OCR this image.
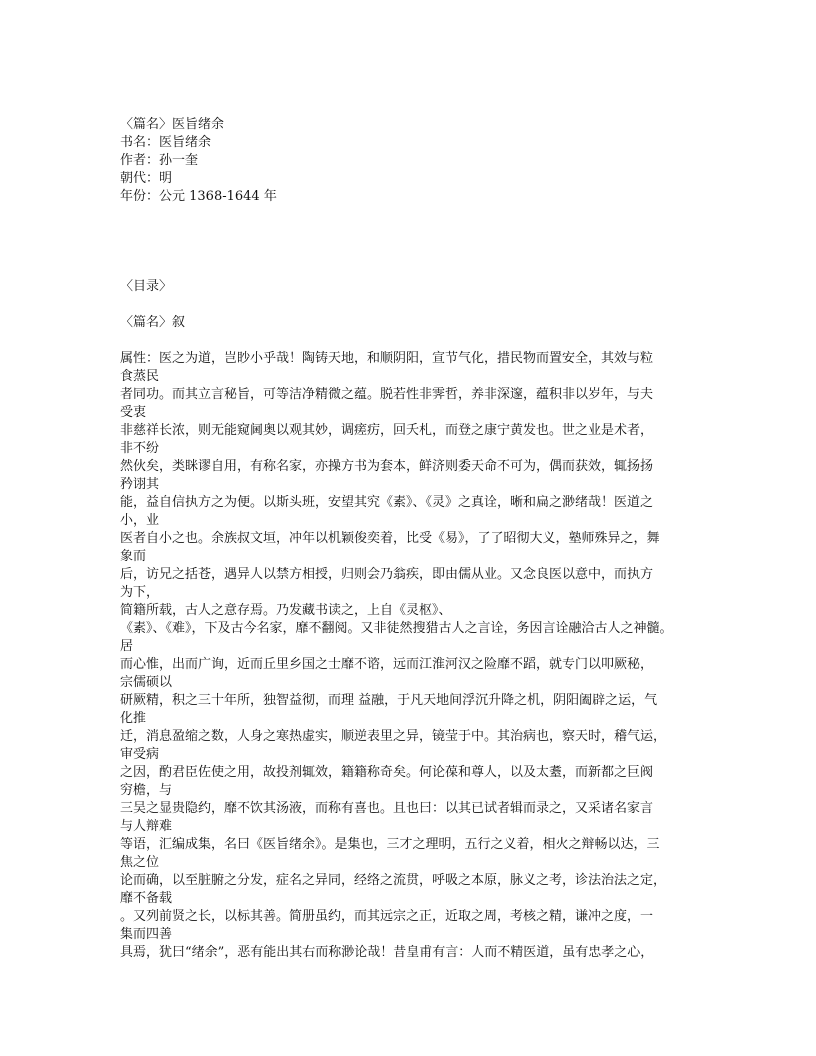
〈篇名〉医旨绪余
书名：医旨绪余
作者：孙一奎
朝代：明
年份：公元 1368-1644 年
〈目录〉
〈篇名〉叙
属性：医之为道，岂眇小乎哉！陶铸天地，和顺阴阳，宣节气化，措民物而置安全，其效与粒
食蒸民
者同功。而其立言秘旨，可等洁净精微之蕴。脱若性非霁哲，养非深邃，蕴积非以岁年，与夫
受衷
非慈祥长浓，则无能窥阃奥以观其妙，调瘥疠，回夭札，而登之康宁黄发也。世之业是术者，
非不纷
然伙矣，类眯谬自用，有称名家，亦操方书为套本，鲜济则委天命不可为，偶而获效，辄扬扬
矜诩其
能，益自信执方之为便。以斯头班，安望其究《素》、《灵》之真诠，晰和扁之渺绪哉！医道之
小，业
医者自小之也。余族叔文垣，冲年以机颖俊奕着，比受《易》，了了昭彻大义，塾师殊异之，舞
象而
后，访兄之括苍，遇异人以禁方相授，归则会乃翁疾，即由儒从业。又念良医以意中，而执方
为下，
简籍所载，古人之意存焉。乃发藏书读之，上自《灵枢》、
《素》、《难》，下及古今名家，靡不翻阅。又非徒然搜猎古人之言诠，务因言诠融洽古人之神髓。
居
而心惟，出而广询，近而丘里乡国之士靡不谘，远而江淮河汉之险靡不蹈，就专门以叩厥秘，
宗儒硕以
研厥精，积之三十年所，独智益彻，而理 益融，于凡天地间浮沉升降之机，阴阳阖辟之运，气
化推
迁，消息盈缩之数，人身之寒热虚实，顺逆表里之异，镜莹于中。其治病也，察天时，稽气运，
审受病
之因，酌君臣佐使之用，故投剂辄效，籍籍称奇矣。何论葆和尊人，以及太耋，而新都之巨阀
穷檐，与
三吴之显贵隐约，靡不饮其汤液，而称有喜也。且也曰：以其已试者辑而录之，又采诸名家言
与人辩难
等语，汇编成集，名曰《医旨绪余》。是集也，三才之理明，五行之义着，相火之辩畅以达，三
焦之位
论而确，以至脏腑之分发，症名之异同，经络之流贯，呼吸之本原，脉义之考，诊法治法之定，
靡不备载
。又列前贤之长，以标其善。简册虽约，而其远宗之正，近取之周，考核之精，谦冲之度，一
集而四善
具焉，犹曰“绪余”，恶有能出其右而称渺论哉！昔皇甫有言：人而不精医道，虽有忠孝之心，
